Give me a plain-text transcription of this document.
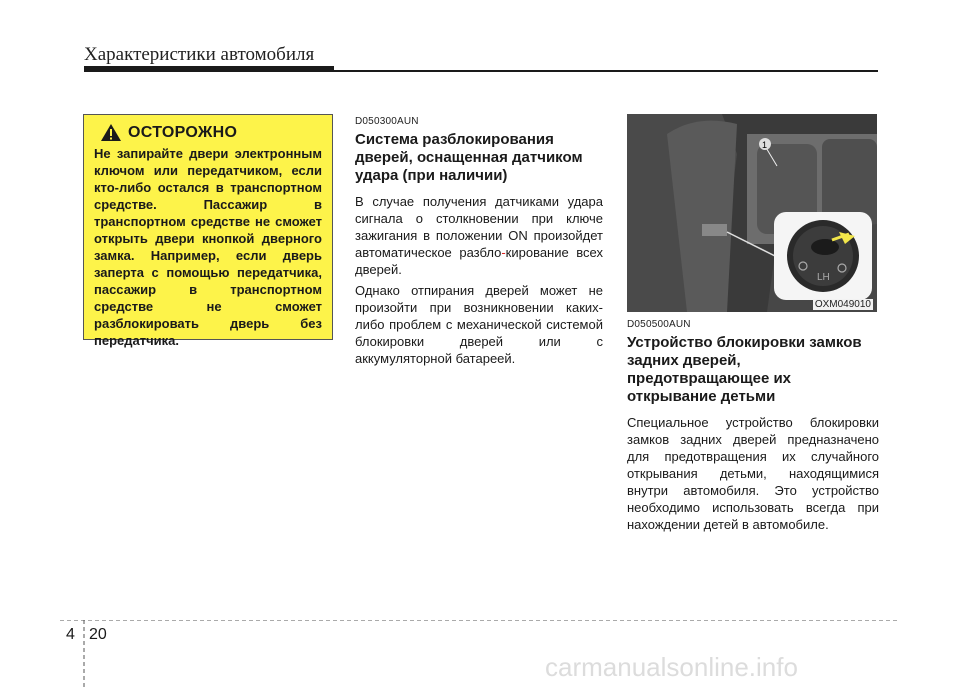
Характеристики автомобиля
ОСТОРОЖНО
Не запирайте двери электронным ключом или передатчиком, если кто-либо остался в транспортном средстве. Пассажир в транспортном средстве не сможет открыть двери кнопкой дверного замка. Например, если дверь заперта с помощью передатчика, пассажир в транспортном средстве не сможет разблокировать дверь без передатчика.
D050300AUN
Система разблокирования дверей, оснащенная датчиком удара (при наличии)
В случае получения датчиками удара сигнала о столкновении при ключе зажигания в положении ON произойдет автоматическое разбло-кирование всех дверей.
Однако отпирания дверей может не произойти при возникновении каких-либо проблем с механической системой блокировки дверей или с аккумуляторной батареей.
1
LH
OXM049010
D050500AUN
Устройство блокировки замков задних дверей, предотвращающее их открывание детьми
Специальное устройство блокировки замков задних дверей предназначено для предотвращения их случайного открывания детьми, находящимися внутри автомобиля. Это устройство необходимо использовать всегда при нахождении детей в автомобиле.
4 20
carmanualsonline.info
